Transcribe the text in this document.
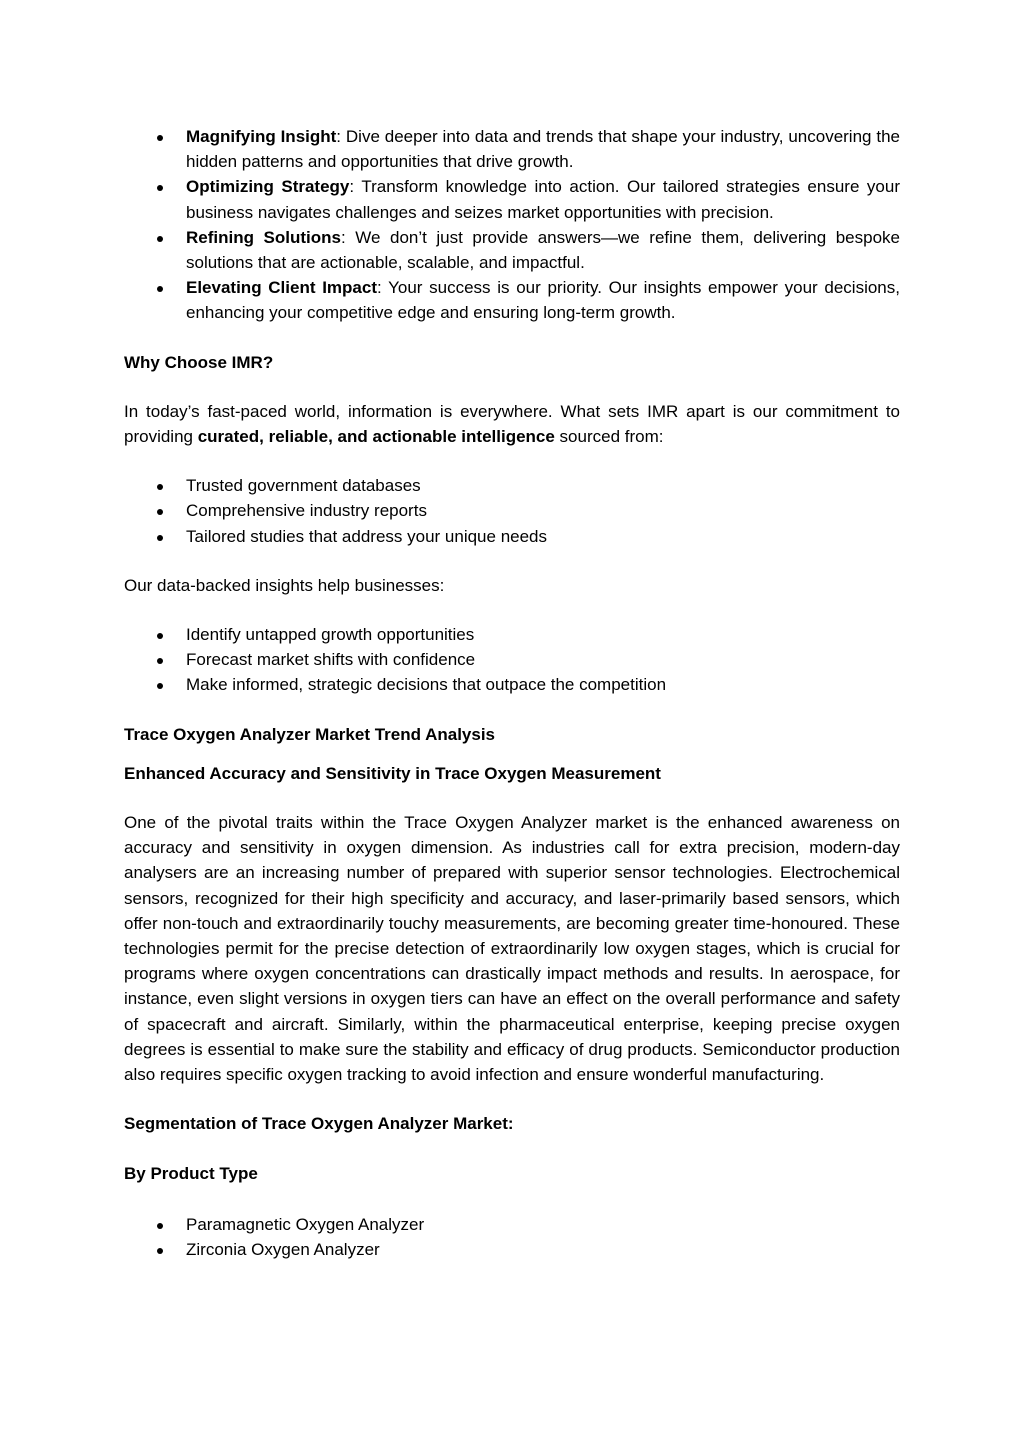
Magnifying Insight: Dive deeper into data and trends that shape your industry, uncovering the hidden patterns and opportunities that drive growth.
Optimizing Strategy: Transform knowledge into action. Our tailored strategies ensure your business navigates challenges and seizes market opportunities with precision.
Refining Solutions: We don’t just provide answers—we refine them, delivering bespoke solutions that are actionable, scalable, and impactful.
Elevating Client Impact: Your success is our priority. Our insights empower your decisions, enhancing your competitive edge and ensuring long-term growth.

Why Choose IMR?

In today’s fast-paced world, information is everywhere. What sets IMR apart is our commitment to providing curated, reliable, and actionable intelligence sourced from:

Trusted government databases
Comprehensive industry reports
Tailored studies that address your unique needs

Our data-backed insights help businesses:

Identify untapped growth opportunities
Forecast market shifts with confidence
Make informed, strategic decisions that outpace the competition

Trace Oxygen Analyzer Market Trend Analysis

Enhanced Accuracy and Sensitivity in Trace Oxygen Measurement

One of the pivotal traits within the Trace Oxygen Analyzer market is the enhanced awareness on accuracy and sensitivity in oxygen dimension. As industries call for extra precision, modern-day analysers are an increasing number of prepared with superior sensor technologies. Electrochemical sensors, recognized for their high specificity and accuracy, and laser-primarily based sensors, which offer non-touch and extraordinarily touchy measurements, are becoming greater time-honoured. These technologies permit for the precise detection of extraordinarily low oxygen stages, which is crucial for programs where oxygen concentrations can drastically impact methods and results. In aerospace, for instance, even slight versions in oxygen tiers can have an effect on the overall performance and safety of spacecraft and aircraft. Similarly, within the pharmaceutical enterprise, keeping precise oxygen degrees is essential to make sure the stability and efficacy of drug products. Semiconductor production also requires specific oxygen tracking to avoid infection and ensure wonderful manufacturing.

Segmentation of Trace Oxygen Analyzer Market:

By Product Type

Paramagnetic Oxygen Analyzer
Zirconia Oxygen Analyzer
